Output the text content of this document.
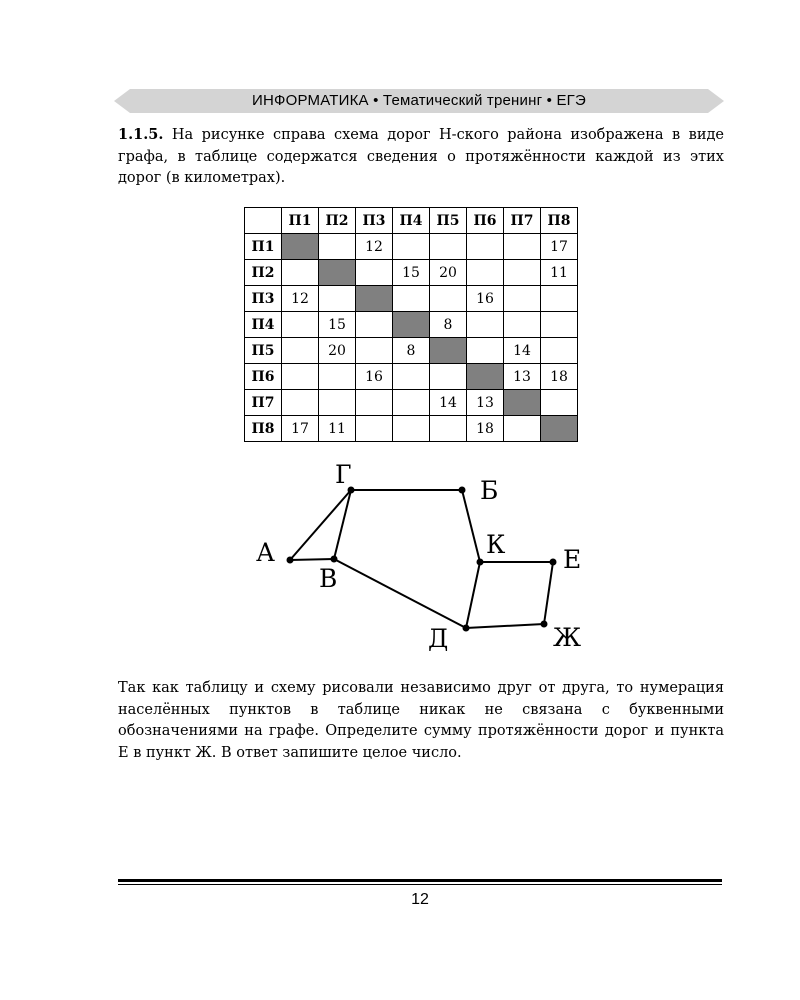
ИНФОРМАТИКА • Тематический тренинг • ЕГЭ
1.1.5. На рисунке справа схема дорог Н-ского района изображена в виде графа, в таблице содержатся сведения о протяжённости каждой из этих дорог (в километрах).
	П1	П2	П3	П4	П5	П6	П7	П8
П1			12					17
П2				15	20			11
П3	12					16		
П4		15			8			
П5		20		8			14	
П6			16				13	18
П7					14	13		
П8	17	11				18		
А
Б
В
Г
Д
Е
Ж
К
Так как таблицу и схему рисовали независимо друг от друга, то нумерация населённых пунктов в таблице никак не связана с буквенными обозначениями на графе. Определите сумму протяжённости дорог и пункта Е в пункт Ж. В ответ запишите целое число.
12
